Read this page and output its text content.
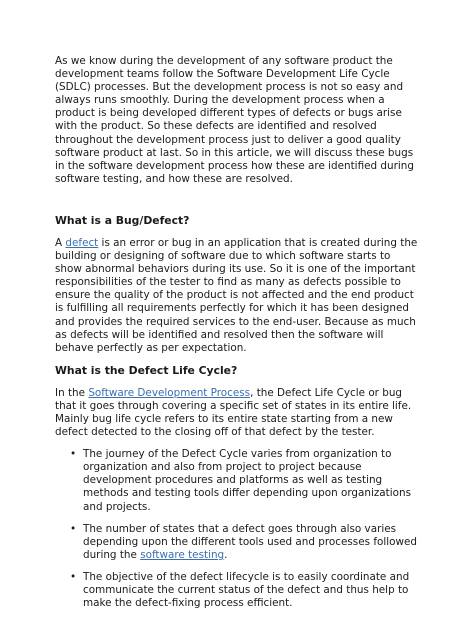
As we know during the development of any software product the development teams follow the Software Development Life Cycle (SDLC) processes. But the development process is not so easy and always runs smoothly. During the development process when a product is being developed different types of defects or bugs arise with the product. So these defects are identified and resolved throughout the development process just to deliver a good quality software product at last. So in this article, we will discuss these bugs in the software development process how these are identified during software testing, and how these are resolved.

What is a Bug/Defect?

A defect is an error or bug in an application that is created during the building or designing of software due to which software starts to show abnormal behaviors during its use. So it is one of the important responsibilities of the tester to find as many as defects possible to ensure the quality of the product is not affected and the end product is fulfilling all requirements perfectly for which it has been designed and provides the required services to the end-user. Because as much as defects will be identified and resolved then the software will behave perfectly as per expectation.

What is the Defect Life Cycle?

In the Software Development Process, the Defect Life Cycle or bug that it goes through covering a specific set of states in its entire life. Mainly bug life cycle refers to its entire state starting from a new defect detected to the closing off of that defect by the tester.

• The journey of the Defect Cycle varies from organization to organization and also from project to project because development procedures and platforms as well as testing methods and testing tools differ depending upon organizations and projects.
• The number of states that a defect goes through also varies depending upon the different tools used and processes followed during the software testing.
• The objective of the defect lifecycle is to easily coordinate and communicate the current status of the defect and thus help to make the defect-fixing process efficient.
